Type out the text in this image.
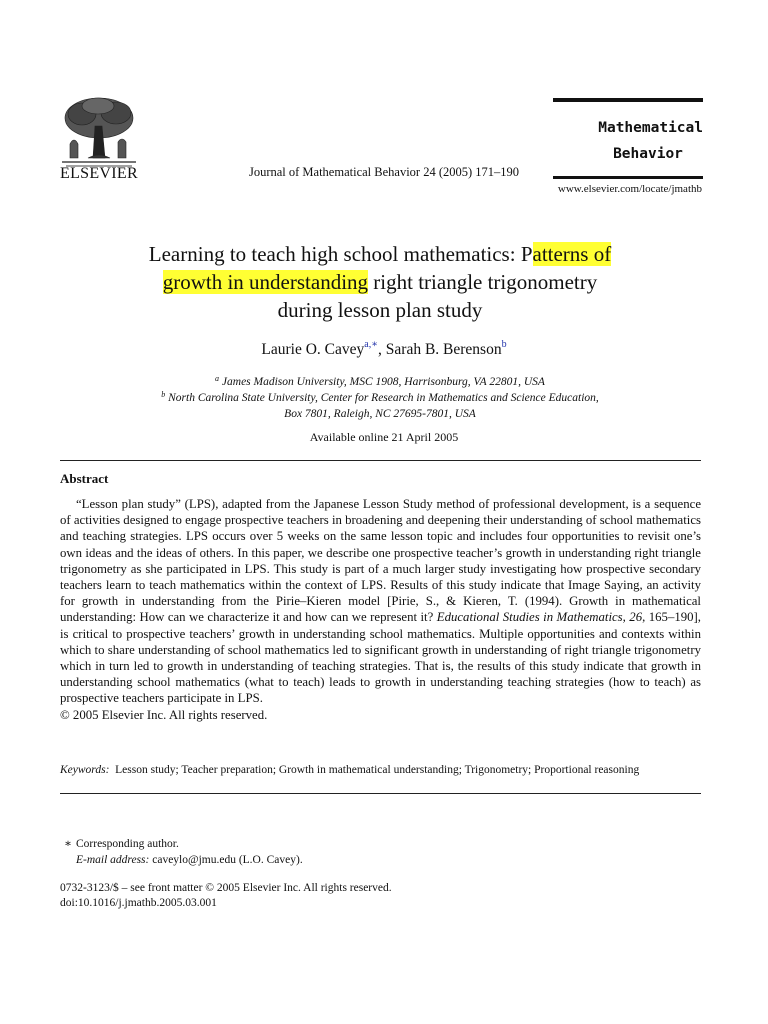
ELSEVIER	Journal of Mathematical Behavior 24 (2005) 171–190
Mathematical
Behavior
www.elsevier.com/locate/jmathb
Learning to teach high school mathematics: Patterns of
growth in understanding right triangle trigonometry
during lesson plan study
Laurie O. Cavey$^{a,∗}$, Sarah B. Berenson$^b$
$^a$ James Madison University, MSC 1908, Harrisonburg, VA 22801, USA
$^b$ North Carolina State University, Center for Research in Mathematics and Science Education,
Box 7801, Raleigh, NC 27695-7801, USA
Available online 21 April 2005
Abstract

“Lesson plan study” (LPS), adapted from the Japanese Lesson Study method of professional development, is a sequence of activities designed to engage prospective teachers in broadening and deepening their understanding of school mathematics and teaching strategies. LPS occurs over 5 weeks on the same lesson topic and includes four opportunities to revisit one’s own ideas and the ideas of others. In this paper, we describe one prospective teacher’s growth in understanding right triangle trigonometry as she participated in LPS. This study is part of a much larger study investigating how prospective secondary teachers learn to teach mathematics within the context of LPS. Results of this study indicate that Image Saying, an activity for growth in understanding from the Pirie–Kieren model [Pirie, S., & Kieren, T. (1994). Growth in mathematical understanding: How can we characterize it and how can we represent it? Educational Studies in Mathematics, 26, 165–190], is critical to prospective teachers’ growth in understanding school mathematics. Multiple opportunities and contexts within which to share understanding of school mathematics led to significant growth in understanding of right triangle trigonometry which in turn led to growth in understanding of teaching strategies. That is, the results of this study indicate that growth in understanding school mathematics (what to teach) leads to growth in understanding teaching strategies (how to teach) as prospective teachers participate in LPS.

© 2005 Elsevier Inc. All rights reserved.
Keywords: Lesson study; Teacher preparation; Growth in mathematical understanding; Trigonometry; Proportional reasoning
∗ Corresponding author.
E-mail address: caveylo@jmu.edu (L.O. Cavey).
0732-3123/$ – see front matter © 2005 Elsevier Inc. All rights reserved.
doi:10.1016/j.jmathb.2005.03.001
